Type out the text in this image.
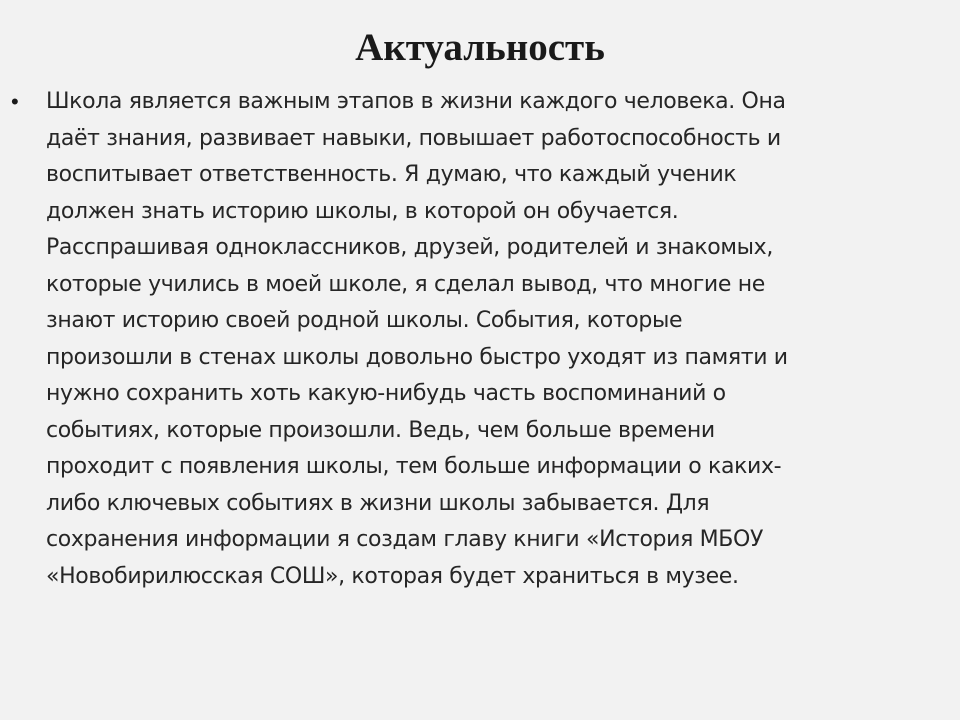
Актуальность
• Школа является важным этапов в жизни каждого человека. Она
даёт знания, развивает навыки, повышает работоспособность и
воспитывает ответственность. Я думаю, что каждый ученик
должен знать историю школы, в которой он обучается.
Расспрашивая одноклассников, друзей, родителей и знакомых,
которые учились в моей школе, я сделал вывод, что многие не
знают историю своей родной школы. События, которые
произошли в стенах школы довольно быстро уходят из памяти и
нужно сохранить хоть какую-нибудь часть воспоминаний о
событиях, которые произошли. Ведь, чем больше времени
проходит с появления школы, тем больше информации о каких-
либо ключевых событиях в жизни школы забывается. Для
сохранения информации я создам главу книги «История МБОУ
«Новобирилюсская СОШ», которая будет храниться в музее.
